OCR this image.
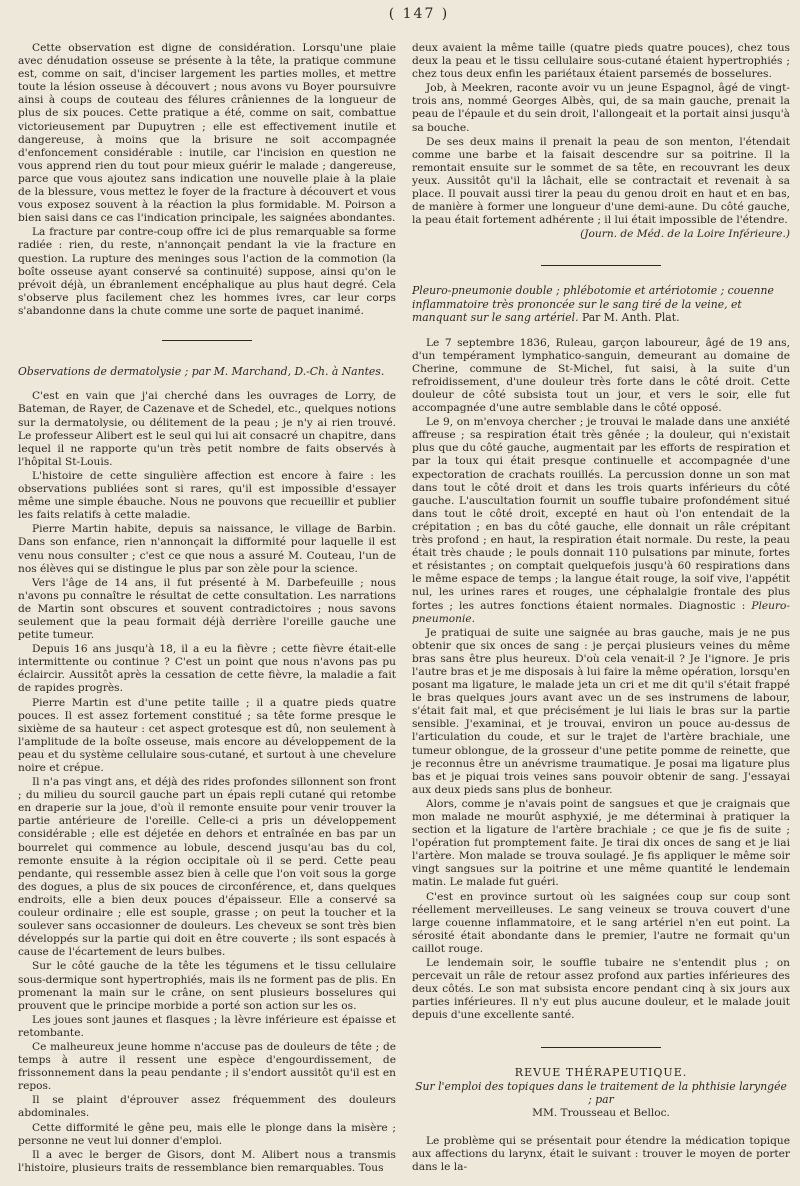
( 147 )

Cette observation est digne de considération. Lorsqu'une plaie avec dénudation osseuse se présente à la tête, la pratique commune est, comme on sait, d'inciser largement les parties molles, et mettre toute la lésion osseuse à découvert ; nous avons vu Boyer poursuivre ainsi à coups de couteau des félures crâniennes de la longueur de plus de six pouces. Cette pratique a été, comme on sait, combattue victorieusement par Dupuytren ; elle est effectivement inutile et dangereuse, à moins que la brisure ne soit accompagnée d'enfoncement considérable : inutile, car l'incision en question ne vous apprend rien du tout pour mieux guérir le malade ; dangereuse, parce que vous ajoutez sans indication une nouvelle plaie à la plaie de la blessure, vous mettez le foyer de la fracture à découvert et vous vous exposez souvent à la réaction la plus formidable. M. Poirson a bien saisi dans ce cas l'indication principale, les saignées abondantes.

La fracture par contre-coup offre ici de plus remarquable sa forme radiée : rien, du reste, n'annonçait pendant la vie la fracture en question. La rupture des meninges sous l'action de la commotion (la boîte osseuse ayant conservé sa continuité) suppose, ainsi qu'on le prévoit déjà, un ébranlement encéphalique au plus haut degré. Cela s'observe plus facilement chez les hommes ivres, car leur corps s'abandonne dans la chute comme une sorte de paquet inanimé.

Observations de dermatolysie ; par M. Marchand, D.-Ch. à Nantes.

C'est en vain que j'ai cherché dans les ouvrages de Lorry, de Bateman, de Rayer, de Cazenave et de Schedel, etc., quelques notions sur la dermatolysie, ou délitement de la peau ; je n'y ai rien trouvé. Le professeur Alibert est le seul qui lui ait consacré un chapitre, dans lequel il ne rapporte qu'un très petit nombre de faits observés à l'hôpital St-Louis.

L'histoire de cette singulière affection est encore à faire : les observations publiées sont si rares, qu'il est impossible d'essayer même une simple ébauche. Nous ne pouvons que recueillir et publier les faits relatifs à cette maladie.

Pierre Martin habite, depuis sa naissance, le village de Barbin. Dans son enfance, rien n'annonçait la difformité pour laquelle il est venu nous consulter ; c'est ce que nous a assuré M. Couteau, l'un de nos élèves qui se distingue le plus par son zèle pour la science.

Vers l'âge de 14 ans, il fut présenté à M. Darbefeuille ; nous n'avons pu connaître le résultat de cette consultation. Les narrations de Martin sont obscures et souvent contradictoires ; nous savons seulement que la peau formait déjà derrière l'oreille gauche une petite tumeur.

Depuis 16 ans jusqu'à 18, il a eu la fièvre ; cette fièvre était-elle intermittente ou continue ? C'est un point que nous n'avons pas pu éclaircir. Aussitôt après la cessation de cette fièvre, la maladie a fait de rapides progrès.

Pierre Martin est d'une petite taille ; il a quatre pieds quatre pouces. Il est assez fortement constitué ; sa tête forme presque le sixième de sa hauteur : cet aspect grotesque est dû, non seulement à l'amplitude de la boîte osseuse, mais encore au développement de la peau et du système cellulaire sous-cutané, et surtout à une chevelure noire et crépue.

Il n'a pas vingt ans, et déjà des rides profondes sillonnent son front ; du milieu du sourcil gauche part un épais repli cutané qui retombe en draperie sur la joue, d'où il remonte ensuite pour venir trouver la partie antérieure de l'oreille. Celle-ci a pris un développement considérable ; elle est déjetée en dehors et entraînée en bas par un bourrelet qui commence au lobule, descend jusqu'au bas du col, remonte ensuite à la région occipitale où il se perd. Cette peau pendante, qui ressemble assez bien à celle que l'on voit sous la gorge des dogues, a plus de six pouces de circonférence, et, dans quelques endroits, elle a bien deux pouces d'épaisseur. Elle a conservé sa couleur ordinaire ; elle est souple, grasse ; on peut la toucher et la soulever sans occasionner de douleurs. Les cheveux se sont très bien développés sur la partie qui doit en être couverte ; ils sont espacés à cause de l'écartement de leurs bulbes.

Sur le côté gauche de la tête les tégumens et le tissu cellulaire sous-dermique sont hypertrophiés, mais ils ne forment pas de plis. En promenant la main sur le crâne, on sent plusieurs bosselures qui prouvent que le principe morbide a porté son action sur les os.

Les joues sont jaunes et flasques ; la lèvre inférieure est épaisse et retombante.

Ce malheureux jeune homme n'accuse pas de douleurs de tête ; de temps à autre il ressent une espèce d'engourdissement, de frissonnement dans la peau pendante ; il s'endort aussitôt qu'il est en repos.

Il se plaint d'éprouver assez fréquemment des douleurs abdominales.

Cette difformité le gêne peu, mais elle le plonge dans la misère ; personne ne veut lui donner d'emploi.

Il a avec le berger de Gisors, dont M. Alibert nous a transmis l'histoire, plusieurs traits de ressemblance bien remarquables. Tous

deux avaient la même taille (quatre pieds quatre pouces), chez tous deux la peau et le tissu cellulaire sous-cutané étaient hypertrophiés ; chez tous deux enfin les pariétaux étaient parsemés de bosselures.

Job, à Meekren, raconte avoir vu un jeune Espagnol, âgé de vingt-trois ans, nommé Georges Albès, qui, de sa main gauche, prenait la peau de l'épaule et du sein droit, l'allongeait et la portait ainsi jusqu'à sa bouche.

De ses deux mains il prenait la peau de son menton, l'étendait comme une barbe et la faisait descendre sur sa poitrine. Il la remontait ensuite sur le sommet de sa tête, en recouvrant les deux yeux. Aussitôt qu'il la lâchait, elle se contractait et revenait à sa place. Il pouvait aussi tirer la peau du genou droit en haut et en bas, de manière à former une longueur d'une demi-aune. Du côté gauche, la peau était fortement adhérente ; il lui était impossible de l'étendre.

(Journ. de Méd. de la Loire Inférieure.)

Pleuro-pneumonie double ; phlébotomie et artériotomie ; couenne inflammatoire très prononcée sur le sang tiré de la veine, et manquant sur le sang artériel. Par M. Anth. Plat.

Le 7 septembre 1836, Ruleau, garçon laboureur, âgé de 19 ans, d'un tempérament lymphatico-sanguin, demeurant au domaine de Cherine, commune de St-Michel, fut saisi, à la suite d'un refroidissement, d'une douleur très forte dans le côté droit. Cette douleur de côté subsista tout un jour, et vers le soir, elle fut accompagnée d'une autre semblable dans le côté opposé.

Le 9, on m'envoya chercher ; je trouvai le malade dans une anxiété affreuse ; sa respiration était très gênée ; la douleur, qui n'existait plus que du côté gauche, augmentait par les efforts de respiration et par la toux qui était presque continuelle et accompagnée d'une expectoration de crachats rouillés. La percussion donne un son mat dans tout le côté droit et dans les trois quarts inférieurs du côté gauche. L'auscultation fournit un souffle tubaire profondément situé dans tout le côté droit, excepté en haut où l'on entendait de la crépitation ; en bas du côté gauche, elle donnait un râle crépitant très profond ; en haut, la respiration était normale. Du reste, la peau était très chaude ; le pouls donnait 110 pulsations par minute, fortes et résistantes ; on comptait quelquefois jusqu'à 60 respirations dans le même espace de temps ; la langue était rouge, la soif vive, l'appétit nul, les urines rares et rouges, une céphalalgie frontale des plus fortes ; les autres fonctions étaient normales. Diagnostic : Pleuro-pneumonie.

Je pratiquai de suite une saignée au bras gauche, mais je ne pus obtenir que six onces de sang : je perçai plusieurs veines du même bras sans être plus heureux. D'où cela venait-il ? Je l'ignore. Je pris l'autre bras et je me disposais à lui faire la même opération, lorsqu'en posant ma ligature, le malade jeta un cri et me dit qu'il s'était frappé le bras quelques jours avant avec un de ses instrumens de labour, s'était fait mal, et que précisément je lui liais le bras sur la partie sensible. J'examinai, et je trouvai, environ un pouce au-dessus de l'articulation du coude, et sur le trajet de l'artère brachiale, une tumeur oblongue, de la grosseur d'une petite pomme de reinette, que je reconnus être un anévrisme traumatique. Je posai ma ligature plus bas et je piquai trois veines sans pouvoir obtenir de sang. J'essayai aux deux pieds sans plus de bonheur.

Alors, comme je n'avais point de sangsues et que je craignais que mon malade ne mourût asphyxié, je me déterminai à pratiquer la section et la ligature de l'artère brachiale ; ce que je fis de suite ; l'opération fut promptement faite. Je tirai dix onces de sang et je liai l'artère. Mon malade se trouva soulagé. Je fis appliquer le même soir vingt sangsues sur la poitrine et une même quantité le lendemain matin. Le malade fut guéri.

C'est en province surtout où les saignées coup sur coup sont réellement merveilleuses. Le sang veineux se trouva couvert d'une large couenne inflammatoire, et le sang artériel n'en eut point. La sérosité était abondante dans le premier, l'autre ne formait qu'un caillot rouge.

Le lendemain soir, le souffle tubaire ne s'entendit plus ; on percevait un râle de retour assez profond aux parties inférieures des deux côtés. Le son mat subsista encore pendant cinq à six jours aux parties inférieures. Il n'y eut plus aucune douleur, et le malade jouit depuis d'une excellente santé.

REVUE THÉRAPEUTIQUE.

Sur l'emploi des topiques dans le traitement de la phthisie laryngée ; par

MM. Trousseau et Belloc.

Le problème qui se présentait pour étendre la médication topique aux affections du larynx, était le suivant : trouver le moyen de porter dans le la-
